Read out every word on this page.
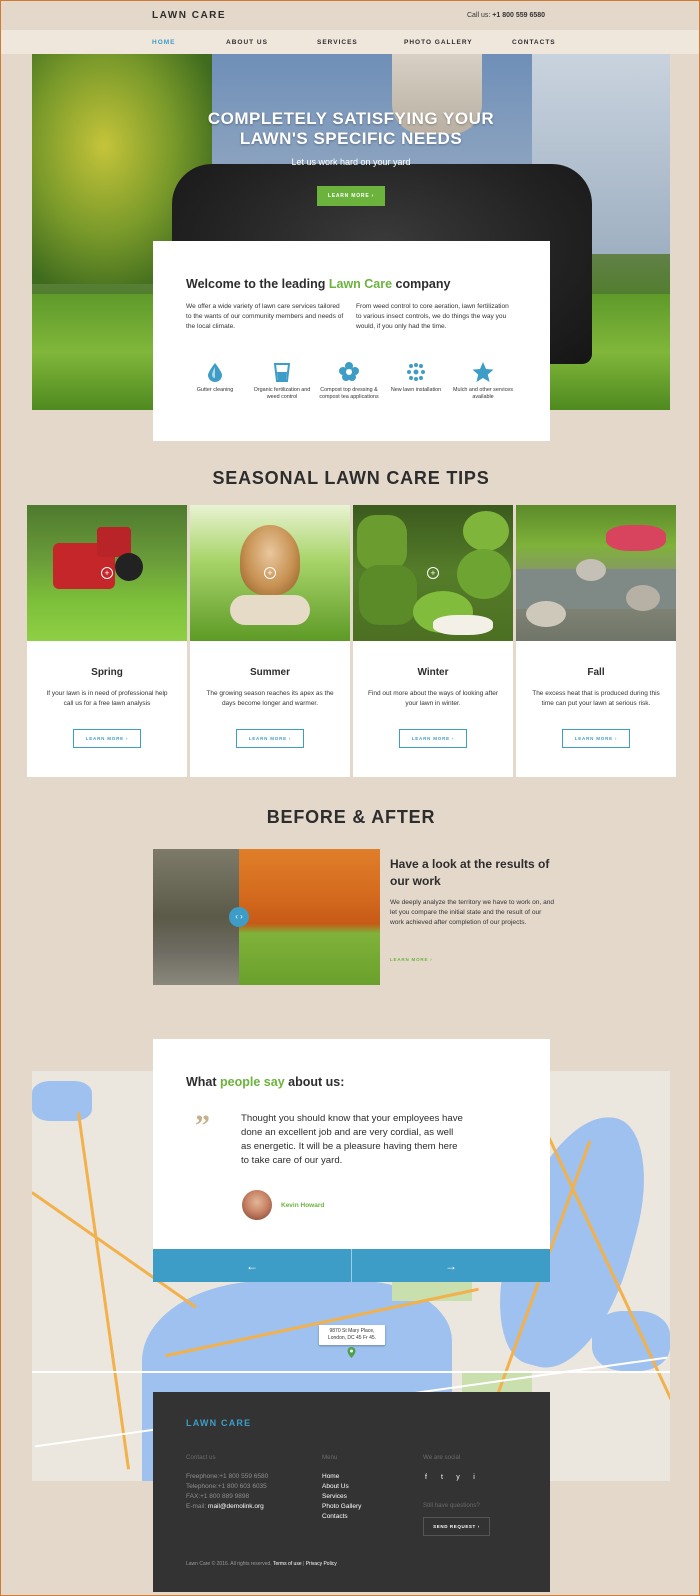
LAWN CARE	Call us: +1 800 559 6580
HOME	ABOUT US	SERVICES	PHOTO GALLERY	CONTACTS
COMPLETELY SATISFYING YOUR
LAWN'S SPECIFIC NEEDS
Let us work hard on your yard
LEARN MORE ›
Welcome to the leading Lawn Care company
We offer a wide variety of lawn care services tailored to the wants of our community members and needs of the local climate.
From weed control to core aeration, lawn fertilization to various insect controls, we do things the way you would, if you only had the time.
Gutter cleaning	Organic fertilization and weed control
Compost top dressing & compost tea applications
New lawn installation	Mulch and other services available
SEASONAL LAWN CARE TIPS
+
Spring

If your lawn is in need of professional help call us for a free lawn analysis

LEARN MORE ›
+
Summer

The growing season reaches its apex as the days become longer and warmer.

LEARN MORE ›
+
Winter

Find out more about the ways of looking after your lawn in winter.

LEARN MORE ›
Fall

The excess heat that is produced during this time can put your lawn at serious risk.

LEARN MORE ›
BEFORE & AFTER
‹ ›
Have a look at the results of our work
We deeply analyze the territory we have to work on, and let you compare the initial state and the result of our work achieved after completion of our projects.
LEARN MORE ›
9870 St Mary Place,
London, DC 45 Fr 45.
What people say about us:
”	Thought you should know that your employees have done an excellent job and are very cordial, as well as energetic. It will be a pleasure having them here to take care of our yard.
Kevin Howard
←	→
LAWN CARE
Contact us
Freephone:+1 800 559 6580
Telephone:+1 800 603 6035
FAX:+1 800 889 9898
E-mail: mail@demolink.org
Menu
Home
About Us
Services
Photo Gallery
Contacts
We are social
f	t	y	i
Still have questions?
SEND REQUEST ›
Lawn Care © 2016. All rights reserved. Terms of use | Privacy Policy
